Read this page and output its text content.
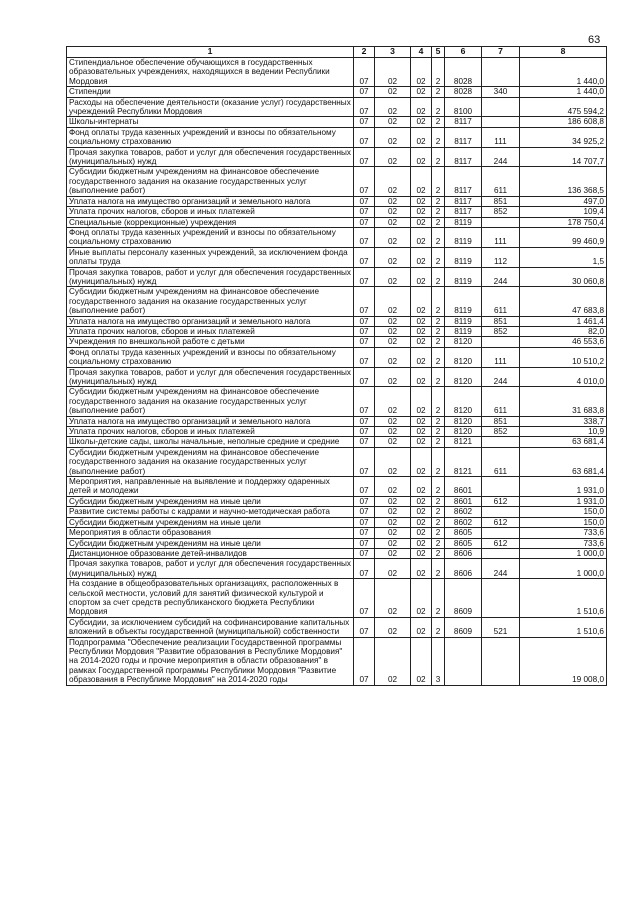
63
1	2	3	4	5	6	7	8
Стипендиальное обеспечение обучающихся в государственных образовательных учреждениях, находящихся в ведении Республики Мордовия	07	02	02	2	8028		1 440,0
Стипендии	07	02	02	2	8028	340	1 440,0
Расходы на обеспечение деятельности (оказание услуг) государственных учреждений Республики Мордовия	07	02	02	2	8100		475 594,2
Школы-интернаты	07	02	02	2	8117		186 608,8
Фонд оплаты труда казенных учреждений и взносы по обязательному социальному страхованию	07	02	02	2	8117	111	34 925,2
Прочая закупка товаров, работ и услуг для обеспечения государственных (муниципальных) нужд	07	02	02	2	8117	244	14 707,7
Субсидии бюджетным учреждениям на финансовое обеспечение государственного задания на оказание государственных услуг (выполнение работ)	07	02	02	2	8117	611	136 368,5
Уплата налога на имущество организаций и земельного налога	07	02	02	2	8117	851	497,0
Уплата прочих налогов, сборов и иных платежей	07	02	02	2	8117	852	109,4
Специальные (коррекционные) учреждения	07	02	02	2	8119		178 750,4
Фонд оплаты труда казенных учреждений и взносы по обязательному социальному страхованию	07	02	02	2	8119	111	99 460,9
Иные выплаты персоналу казенных учреждений, за исключением фонда оплаты труда	07	02	02	2	8119	112	1,5
Прочая закупка товаров, работ и услуг для обеспечения государственных (муниципальных) нужд	07	02	02	2	8119	244	30 060,8
Субсидии бюджетным учреждениям на финансовое обеспечение государственного задания на оказание государственных услуг (выполнение работ)	07	02	02	2	8119	611	47 683,8
Уплата налога на имущество организаций и земельного налога	07	02	02	2	8119	851	1 461,4
Уплата прочих налогов, сборов и иных платежей	07	02	02	2	8119	852	82,0
Учреждения по внешкольной работе с детьми	07	02	02	2	8120		46 553,6
Фонд оплаты труда казенных учреждений и взносы по обязательному социальному страхованию	07	02	02	2	8120	111	10 510,2
Прочая закупка товаров, работ и услуг для обеспечения государственных (муниципальных) нужд	07	02	02	2	8120	244	4 010,0
Субсидии бюджетным учреждениям на финансовое обеспечение государственного задания на оказание государственных услуг (выполнение работ)	07	02	02	2	8120	611	31 683,8
Уплата налога на имущество организаций и земельного налога	07	02	02	2	8120	851	338,7
Уплата прочих налогов, сборов и иных платежей	07	02	02	2	8120	852	10,9
Школы-детские сады, школы начальные, неполные средние и средние	07	02	02	2	8121		63 681,4
Субсидии бюджетным учреждениям на финансовое обеспечение государственного задания на оказание государственных услуг (выполнение работ)	07	02	02	2	8121	611	63 681,4
Мероприятия, направленные на выявление и поддержку одаренных детей и молодежи	07	02	02	2	8601		1 931,0
Субсидии бюджетным учреждениям на иные цели	07	02	02	2	8601	612	1 931,0
Развитие системы работы с кадрами и научно-методическая работа	07	02	02	2	8602		150,0
Субсидии бюджетным учреждениям на иные цели	07	02	02	2	8602	612	150,0
Мероприятия в области образования	07	02	02	2	8605		733,6
Субсидии бюджетным учреждениям на иные цели	07	02	02	2	8605	612	733,6
Дистанционное образование детей-инвалидов	07	02	02	2	8606		1 000,0
Прочая закупка товаров, работ и услуг для обеспечения государственных (муниципальных) нужд	07	02	02	2	8606	244	1 000,0
На создание в общеобразовательных организациях, расположенных в сельской местности, условий для занятий физической культурой и спортом за счет средств республиканского бюджета Республики Мордовия	07	02	02	2	8609		1 510,6
Субсидии, за исключением субсидий на софинансирование капитальных вложений в объекты государственной (муниципальной) собственности	07	02	02	2	8609	521	1 510,6
Подпрограмма "Обеспечение реализации Государственной программы Республики Мордовия "Развитие образования в Республике Мордовия" на 2014-2020 годы и прочие мероприятия в области образования" в рамках Государственной программы Республики Мордовия "Развитие образования в Республике Мордовия" на 2014-2020 годы	07	02	02	3			19 008,0
